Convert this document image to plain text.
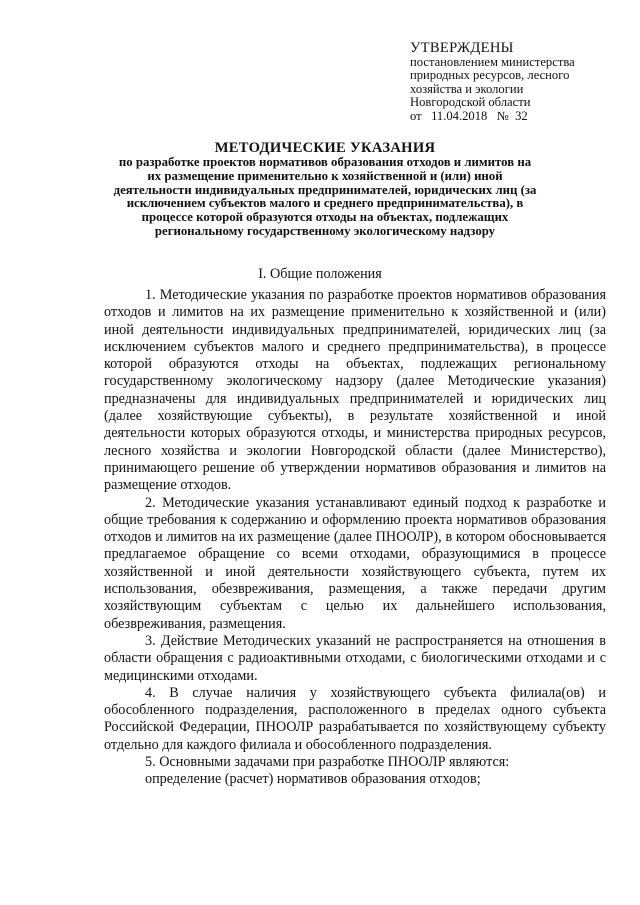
УТВЕРЖДЕНЫ
постановлением министерства
природных ресурсов, лесного
хозяйства и экологии
Новгородской области
от 11.04.2018 № 32
МЕТОДИЧЕСКИЕ УКАЗАНИЯ
по разработке проектов нормативов образования отходов и лимитов на
их размещение применительно к хозяйственной и (или) иной
деятельности индивидуальных предпринимателей, юридических лиц (за
исключением субъектов малого и среднего предпринимательства), в
процессе которой образуются отходы на объектах, подлежащих
региональному государственному экологическому надзору
I. Общие положения

1. Методические указания по разработке проектов нормативов образования отходов и лимитов на их размещение применительно к хозяйственной и (или) иной деятельности индивидуальных предпринимателей, юридических лиц (за исключением субъектов малого и среднего предпринимательства), в процессе которой образуются отходы на объектах, подлежащих региональному государственному экологическому надзору (далее Методические указания) предназначены для индивидуальных предпринимателей и юридических лиц (далее хозяйствующие субъекты), в результате хозяйственной и иной деятельности которых образуются отходы, и министерства природных ресурсов, лесного хозяйства и экологии Новгородской области (далее Министерство), принимающего решение об утверждении нормативов образования и лимитов на размещение отходов.

2. Методические указания устанавливают единый подход к разработке и общие требования к содержанию и оформлению проекта нормативов образования отходов и лимитов на их размещение (далее ПНООЛР), в котором обосновывается предлагаемое обращение со всеми отходами, образующимися в процессе хозяйственной и иной деятельности хозяйствующего субъекта, путем их использования, обезвреживания, размещения, а также передачи другим хозяйствующим субъектам с целью их дальнейшего использования, обезвреживания, размещения.

3. Действие Методических указаний не распространяется на отношения в области обращения с радиоактивными отходами, с биологическими отходами и с медицинскими отходами.

4. В случае наличия у хозяйствующего субъекта филиала(ов) и обособленного подразделения, расположенного в пределах одного субъекта Российской Федерации, ПНООЛР разрабатывается по хозяйствующему субъекту отдельно для каждого филиала и обособленного подразделения.

5. Основными задачами при разработке ПНООЛР являются:

определение (расчет) нормативов образования отходов;
